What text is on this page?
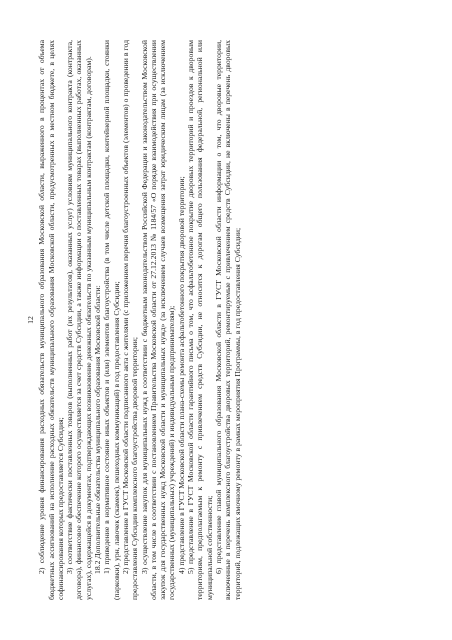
12 2) соблюдение уровня финансирования расходных обязательств муниципального образования Московской области, выраженного в процентах от объема бюджетных ассигнований на исполнение расходных обязательств муниципального образования Московской области, предусмотренных в местном бюджете, в целях софинансирования которых предоставляется Субсидия; 3) соответствие фактически поставленных товаров (выполненных работ (их результатов), оказанных услуг) условиям муниципального контракта (контракта, договора), финансовое обеспечение которого осуществляется за счет средств Субсидии, а также информации о поставленных товарах (выполненных работах, оказанных услугах), содержащейся в документах, подтверждающих возникновение денежных обязательств по указанным муниципальным контрактам (контрактам, договорам). 18.2 Дополнительные обязательства муниципального образования Московской области: 1) приведение в нормативное состояние иных объектов и (или) элементов благоустройства (в том числе детской площадки, контейнерной площадки, стоянки (парковки), урн, лавочек (скамеек), пешеходных коммуникаций) в год предоставления Субсидии; 2) представление в ГУСТ Московской области подписанного акта с жителями (с приложением перечня благоустроенных объектов (элементов) о проведении в год предоставления Субсидии комплексного благоустройства дворовой территории; 3) осуществление закупок для муниципальных нужд в соответствии с бюджетным законодательством Российской Федерации и законодательством Московской области, в том числе в соответствии с постановлением Правительства Московской области от 27.12.2013 № 1184/57 «О порядке взаимодействия при осуществлении закупок для государственных нужд Московской области и муниципальных нужд» (за исключением случаев возмещения затрат юридическим лицам (за исключением государственных (муниципальных) учреждений) и индивидуальным предпринимателям); 4) представление в ГУСТ Московской области плана-схемы ремонта асфальтобетонного покрытия дворовой территории; 5) представление в ГУСТ Московской области гарантийного письма о том, что асфальтобетонное покрытие дворовых территорий и проездов к дворовым территориям, предполагаемым к ремонту с привлечением средств Субсидии, не относится к дорогам общего пользования федеральной, региональной или муниципальной собственности; 6) представление главой муниципального образования Московской области в ГУСТ Московской области информации о том, что дворовые территории, включенные в перечень комплексного благоустройства дворовых территорий, ремонтируемые с привлечением средств Субсидии, не включены в перечень дворовых территорий, подлежащих ямочному ремонту в рамках мероприятия Программы, в год предоставления Субсидии;
